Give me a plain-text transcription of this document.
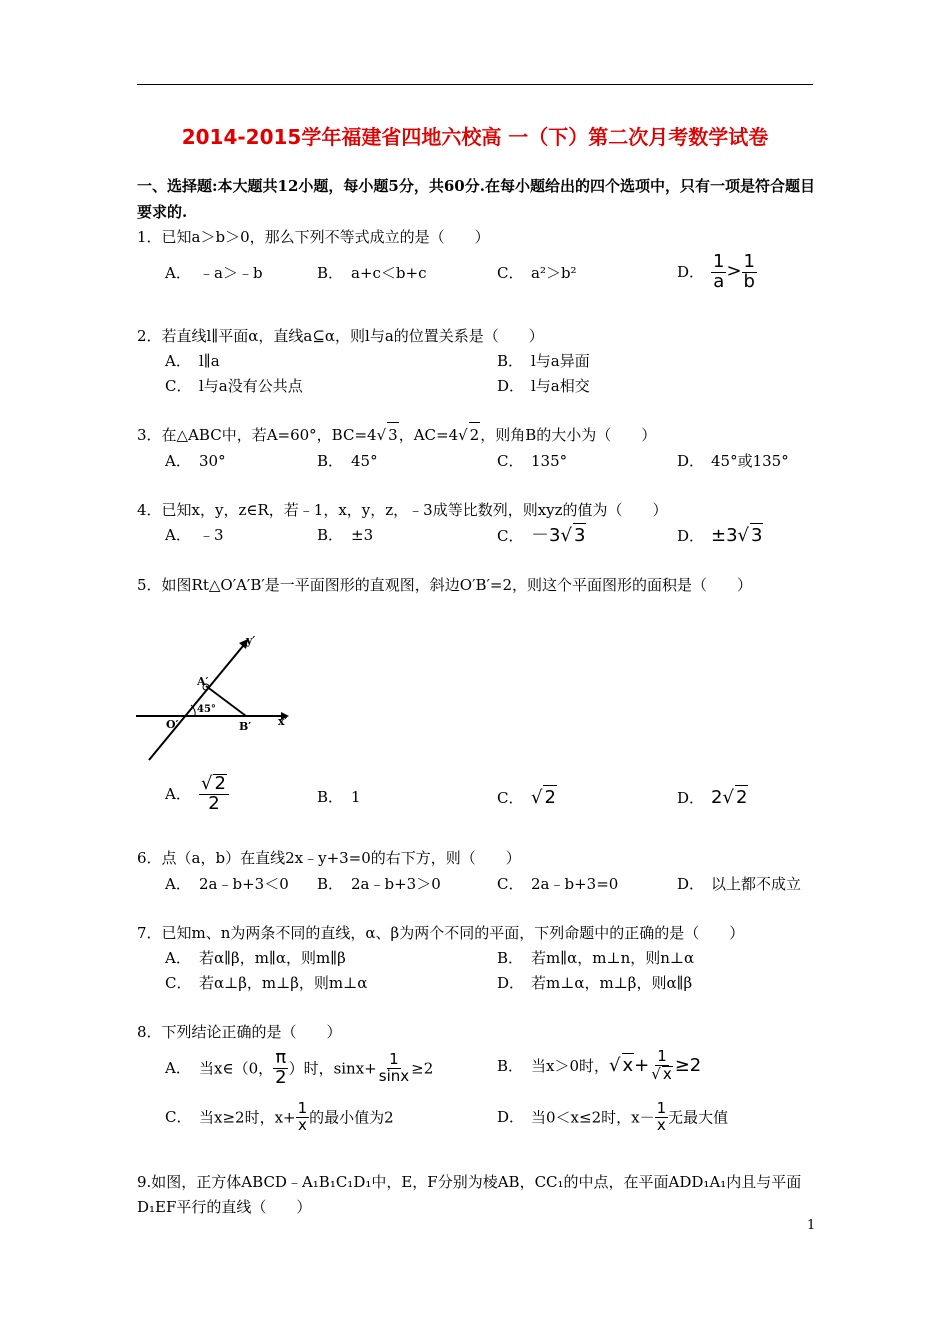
2014-2015学年福建省四地六校高 一（下）第二次月考数学试卷
一、选择题:本大题共12小题，每小题5分，共60分.在每小题给出的四个选项中，只有一项是符合题目要求的.
1．已知a＞b＞0，那么下列不等式成立的是（　　）
A． ﹣a＞﹣b	B． a+c＜b+c	C． a²＞b²	D． $\frac{1}{a} > \frac{1}{b}$
2．若直线l∥平面α，直线a⊆α，则l与a的位置关系是（　　）
A． l∥a	B． l与a异面
C． l与a没有公共点	D． l与a相交
3．在△ABC中，若A=60°，BC=4√ 3，AC=4√ 2，则角B的大小为（　　）
A． 30°	B． 45°	C． 135°	D． 45°或135°
4．已知x，y，z∈R，若﹣1，x，y，z，﹣3成等比数列，则xyz的值为（　　）
A． ﹣3	B． ±3	C． －3√ 3	D． ±3√ 3
5．如图Rt△O′A′B′是一平面图形的直观图，斜边O′B′=2，则这个平面图形的面积是（　　）
y′
x′
A′
O′	B′
45°
A． $\frac{√ 2}{2}$	B． 1	C． √ 2	D． 2√ 2
6．点（a，b）在直线2x﹣y+3=0的右下方，则（　　）
A． 2a﹣b+3＜0 B． 2a﹣b+3＞0	C． 2a﹣b+3=0	D． 以上都不成立
7．已知m、n为两条不同的直线，α、β为两个不同的平面，下列命题中的正确的是（　　）
A． 若α∥β，m∥α，则m∥β	B． 若m∥α，m⊥n，则n⊥α
C． 若α⊥β，m⊥β，则m⊥α	D． 若m⊥α，m⊥β，则α∥β
8．下列结论正确的是（　　）
A． 当x∈（0， $\frac{\pi}{2}$ ）时，$\sin x+ \frac{1}{\sin x} \ge 2$	B． 当x＞0时，√ $x+ \frac{1}{√ x} \ge 2$
C． 当x≥2时，$x+ \frac{1}{x}$ 的最小值为2	D． 当0＜x≤2时，$x- \frac{1}{x}$ 无最大值
9.如图，正方体ABCD﹣A₁B₁C₁D₁中，E，F分别为棱AB，CC₁的中点，在平面ADD₁A₁内且与平面D₁EF平行的直线（　　）
1
